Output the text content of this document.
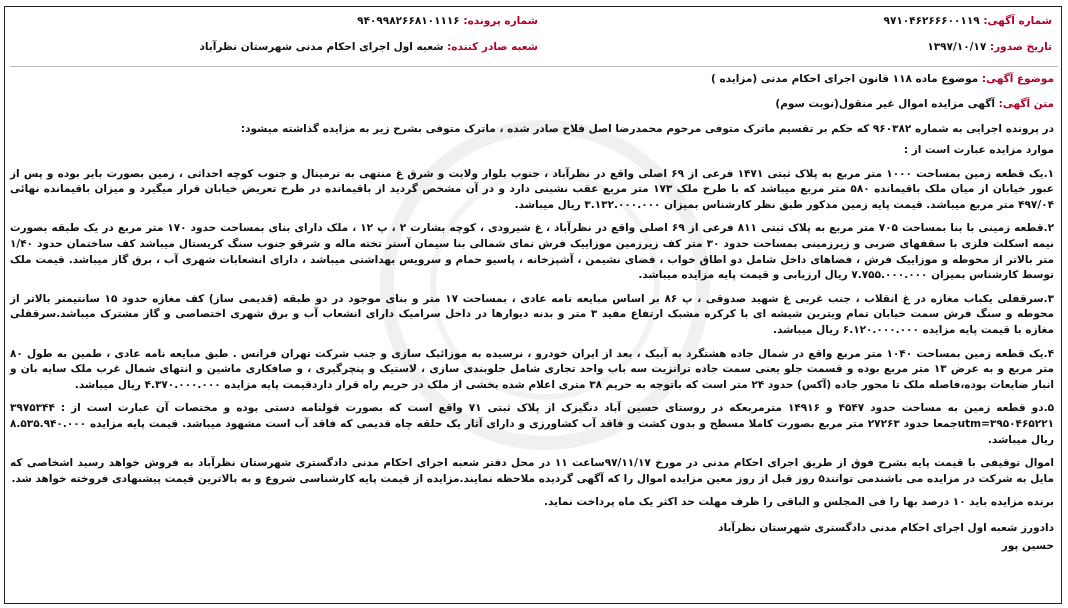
شماره آگهی: ۹۷۱۰۴۶۲۶۶۶۰۰۱۱۹
تاریخ صدور: ۱۳۹۷/۱۰/۱۷
شماره پرونده: ۹۴۰۹۹۸۲۶۶۸۱۰۱۱۱۶
شعبه صادر کننده: شعبه اول اجرای احکام مدنی شهرستان نظرآباد
موضوع آگهی: موضوع ماده ۱۱۸ قانون اجرای احکام مدنی (مزایده )
متن آگهی: آگهی مزایده اموال غیر منقول(نوبت سوم)
در پرونده اجرایی به شماره ۹۶۰۳۸۲ که حکم بر تقسیم ماترک متوفی مرحوم محمدرضا اصل فلاح صادر شده ، ماترک متوفی بشرح زیر به مزایده گذاشته میشود:
موارد مزایده عبارت است از :
۱.یک قطعه زمین بمساحت ۱۰۰۰ متر مربع به پلاک ثبتی ۱۴۷۱ فرعی از ۶۹ اصلی واقع در نظرآباد ، جنوب بلوار ولایت و شرق غ منتهی به ترمینال و جنوب کوچه احداثی ، زمین بصورت بایر بوده و پس از عبور خیابان از میان ملک باقیمانده ۵۸۰ متر مربع میباشد که با طرح ملک ۱۷۳ متر مربع عقب نشینی دارد و در آن مشخص گردید از باقیمانده در طرح تعریض خیابان قرار میگیرد و میزان باقیمانده نهائی ۴۹۷/۰۴ متر مربع میباشد. قیمت پایه زمین مذکور طبق نظر کارشناس بمیزان ۳.۱۳۲.۰۰۰.۰۰۰ ریال میباشد.
۲.قطعه زمینی با بنا بمساحت ۷۰۵ متر مربع به پلاک ثبتی ۸۱۱ فرعی از ۶۹ اصلی واقع در نظرآباد ، غ شیرودی ، کوچه بشارت ۲ ، پ ۱۲ ، ملک دارای بنای بمساحت حدود ۱۷۰ متر مربع در یک طبقه بصورت نیمه اسکلت فلزی با سقفهای ضربی و زیرزمینی بمساحت حدود ۳۰ متر کف زیرزمین موزاییک فرش نمای شمالی بنا سیمان آستر تخته ماله و شرقو جنوب سنگ کریستال میباشد کف ساختمان حدود ۱/۴۰ متر بالاتر از محوطه و موزاییک فرش ، فضاهای داخل شامل دو اطاق خواب ، فضای نشیمن ، آشپزخانه ، پاسیو حمام و سرویس بهداشتی میباشد ، دارای انشعابات شهری آب ، برق گاز میباشد. قیمت ملک توسط کارشناس بمیزان ۷.۷۵۵.۰۰۰.۰۰۰ ریال ارزیابی و قیمت پایه مزایده میباشد.
۳.سرقفلی یکباب مغازه در غ انقلاب ، جنب غربی غ شهید صدوقی ، پ ۸۶ بر اساس مبایعه نامه عادی ، بمساحت ۱۷ متر و بنای موجود در دو طبقه (قدیمی ساز) کف مغازه حدود ۱۵ سانتیمتر بالاتر از محوطه و سنگ فرش سمت خیابان تمام ویترین شیشه ای با کرکره مشبک ارتفاع مفید ۳ متر و بدنه دیوارها در داخل سرامیک دارای انشعاب آب و برق شهری اختصاصی و گاز مشترک میباشد.سرقفلی مغازه با قیمت پایه مزایده ۶.۱۲۰.۰۰۰.۰۰۰ ریال میباشد.
۴.یک قطعه زمین بمساحت ۱۰۴۰ متر مربع واقع در شمال جاده هشتگرد به آبیک ، بعد از ایران خودرو ، نرسیده به موزائیک سازی و جنب شرکت تهران فرانس . طبق مبایعه نامه عادی ، طمین به طول ۸۰ متر مربع و به عرض ۱۳ متر مربع بوده و قسمت جلو یعنی سمت جاده ترانزیت سه باب واحد تجاری شامل جلوبندی سازی ، لاستیک و پنچرگیری ، و صافکاری ماشین و انتهای شمال غرب ملک سایه بان و انبار ضایعات بوده،فاصله ملک تا محور جاده (آکس) حدود ۲۴ متر است که باتوجه به حریم ۳۸ متری اعلام شده بخشی از ملک در حریم راه قرار داردقیمت پایه مزایده ۴.۳۷۰.۰۰۰.۰۰۰ ریال میباشد.
۵.دو قطعه زمین به مساحت حدود ۴۵۴۷ و ۱۴۹۱۶ مترمربعکه در روستای حسین آباد دنگیزک از پلاک ثبتی ۷۱ واقع است که بصورت قولنامه دستی بوده و مختصات آن عبارت است از : ۳۹۷۵۳۴۴ ۳۹۵۰۴۶۵۲۲۱=utmجمعا حدود ۲۷۲۶۳ متر مربع بصورت کاملا مسطح و بدون کشت و فاقد آب کشاورزی و دارای آثار یک حلقه چاه قدیمی که فاقد آب است مشهود میباشد. قیمت پایه مزایده ۸.۵۳۵.۹۴۰.۰۰۰ ریال میباشد.
اموال توقیفی با قیمت پایه بشرح فوق از طریق اجرای احکام مدنی در مورخ ۹۷/۱۱/۱۷ساعت ۱۱ در محل دفتر شعبه اجرای احکام مدنی دادگستری شهرستان نظرآباد به فروش خواهد رسید اشخاصی که مایل به شرکت در مزایده می باشندمی توانند۵ روز قبل از روز معین مزایده اموال را که آگهی گردیده ملاحظه نمایند.مزایده از قیمت پایه کارشناسی شروع و به بالاترین قیمت پیشنهادی فروخته خواهد شد.
برنده مزایده باید ۱۰ درصد بها را فی المجلس و الباقی را ظرف مهلت حد اکثر یک ماه پرداخت نماید.
دادورز شعبه اول اجرای احکام مدنی دادگستری شهرستان نظرآباد
حسین پور
